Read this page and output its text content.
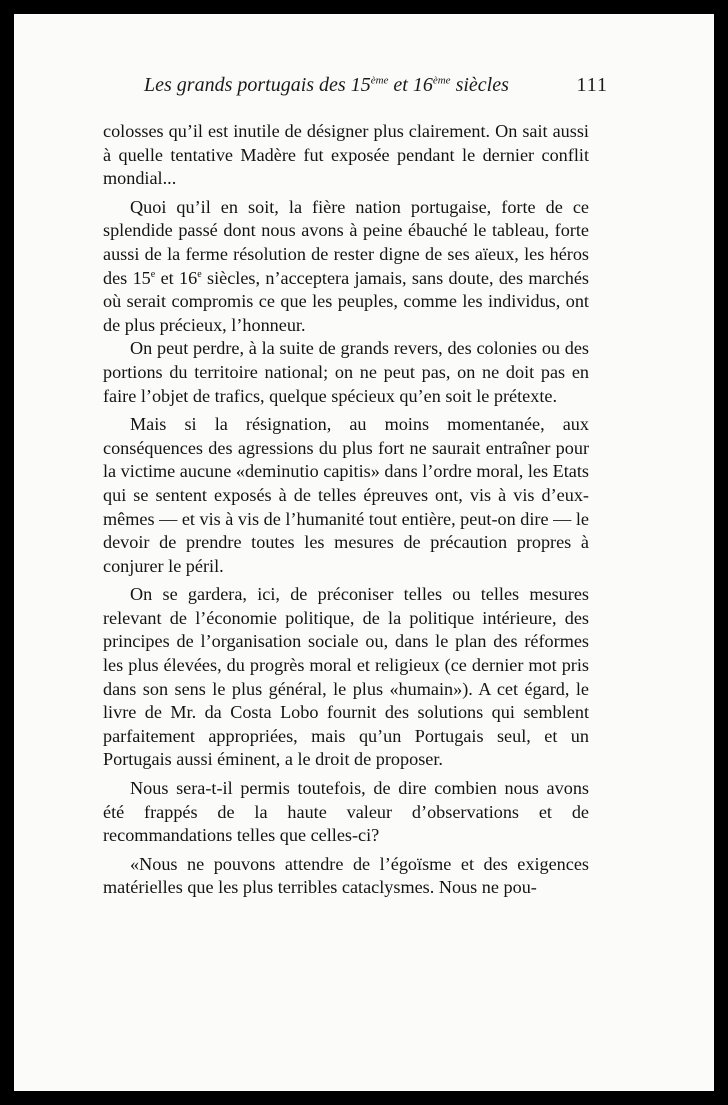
Les grands portugais des 15ème et 16ème siècles	111

colosses qu’il est inutile de désigner plus clairement. On sait aussi à quelle tentative Madère fut exposée pendant le dernier conflit mondial...

Quoi qu’il en soit, la fière nation portugaise, forte de ce splendide passé dont nous avons à peine ébauché le tableau, forte aussi de la ferme résolution de rester digne de ses aïeux, les héros des 15e et 16e siècles, n’acceptera jamais, sans doute, des marchés où serait compromis ce que les peuples, comme les individus, ont de plus précieux, l’honneur.

On peut perdre, à la suite de grands revers, des colonies ou des portions du territoire national; on ne peut pas, on ne doit pas en faire l’objet de trafics, quelque spécieux qu’en soit le prétexte.

Mais si la résignation, au moins momentanée, aux conséquences des agressions du plus fort ne saurait entraîner pour la victime aucune «deminutio capitis» dans l’ordre moral, les Etats qui se sentent exposés à de telles épreuves ont, vis à vis d’eux-mêmes — et vis à vis de l’humanité tout entière, peut-on dire — le devoir de prendre toutes les mesures de précaution propres à conjurer le péril.

On se gardera, ici, de préconiser telles ou telles mesures relevant de l’économie politique, de la politique intérieure, des principes de l’organisation sociale ou, dans le plan des réformes les plus élevées, du progrès moral et religieux (ce dernier mot pris dans son sens le plus général, le plus «humain»). A cet égard, le livre de Mr. da Costa Lobo fournit des solutions qui semblent parfaitement appropriées, mais qu’un Portugais seul, et un Portugais aussi éminent, a le droit de proposer.

Nous sera-t-il permis toutefois, de dire combien nous avons été frappés de la haute valeur d’observations et de recommandations telles que celles-ci?

«Nous ne pouvons attendre de l’égoïsme et des exigences matérielles que les plus terribles cataclysmes. Nous ne pou-
